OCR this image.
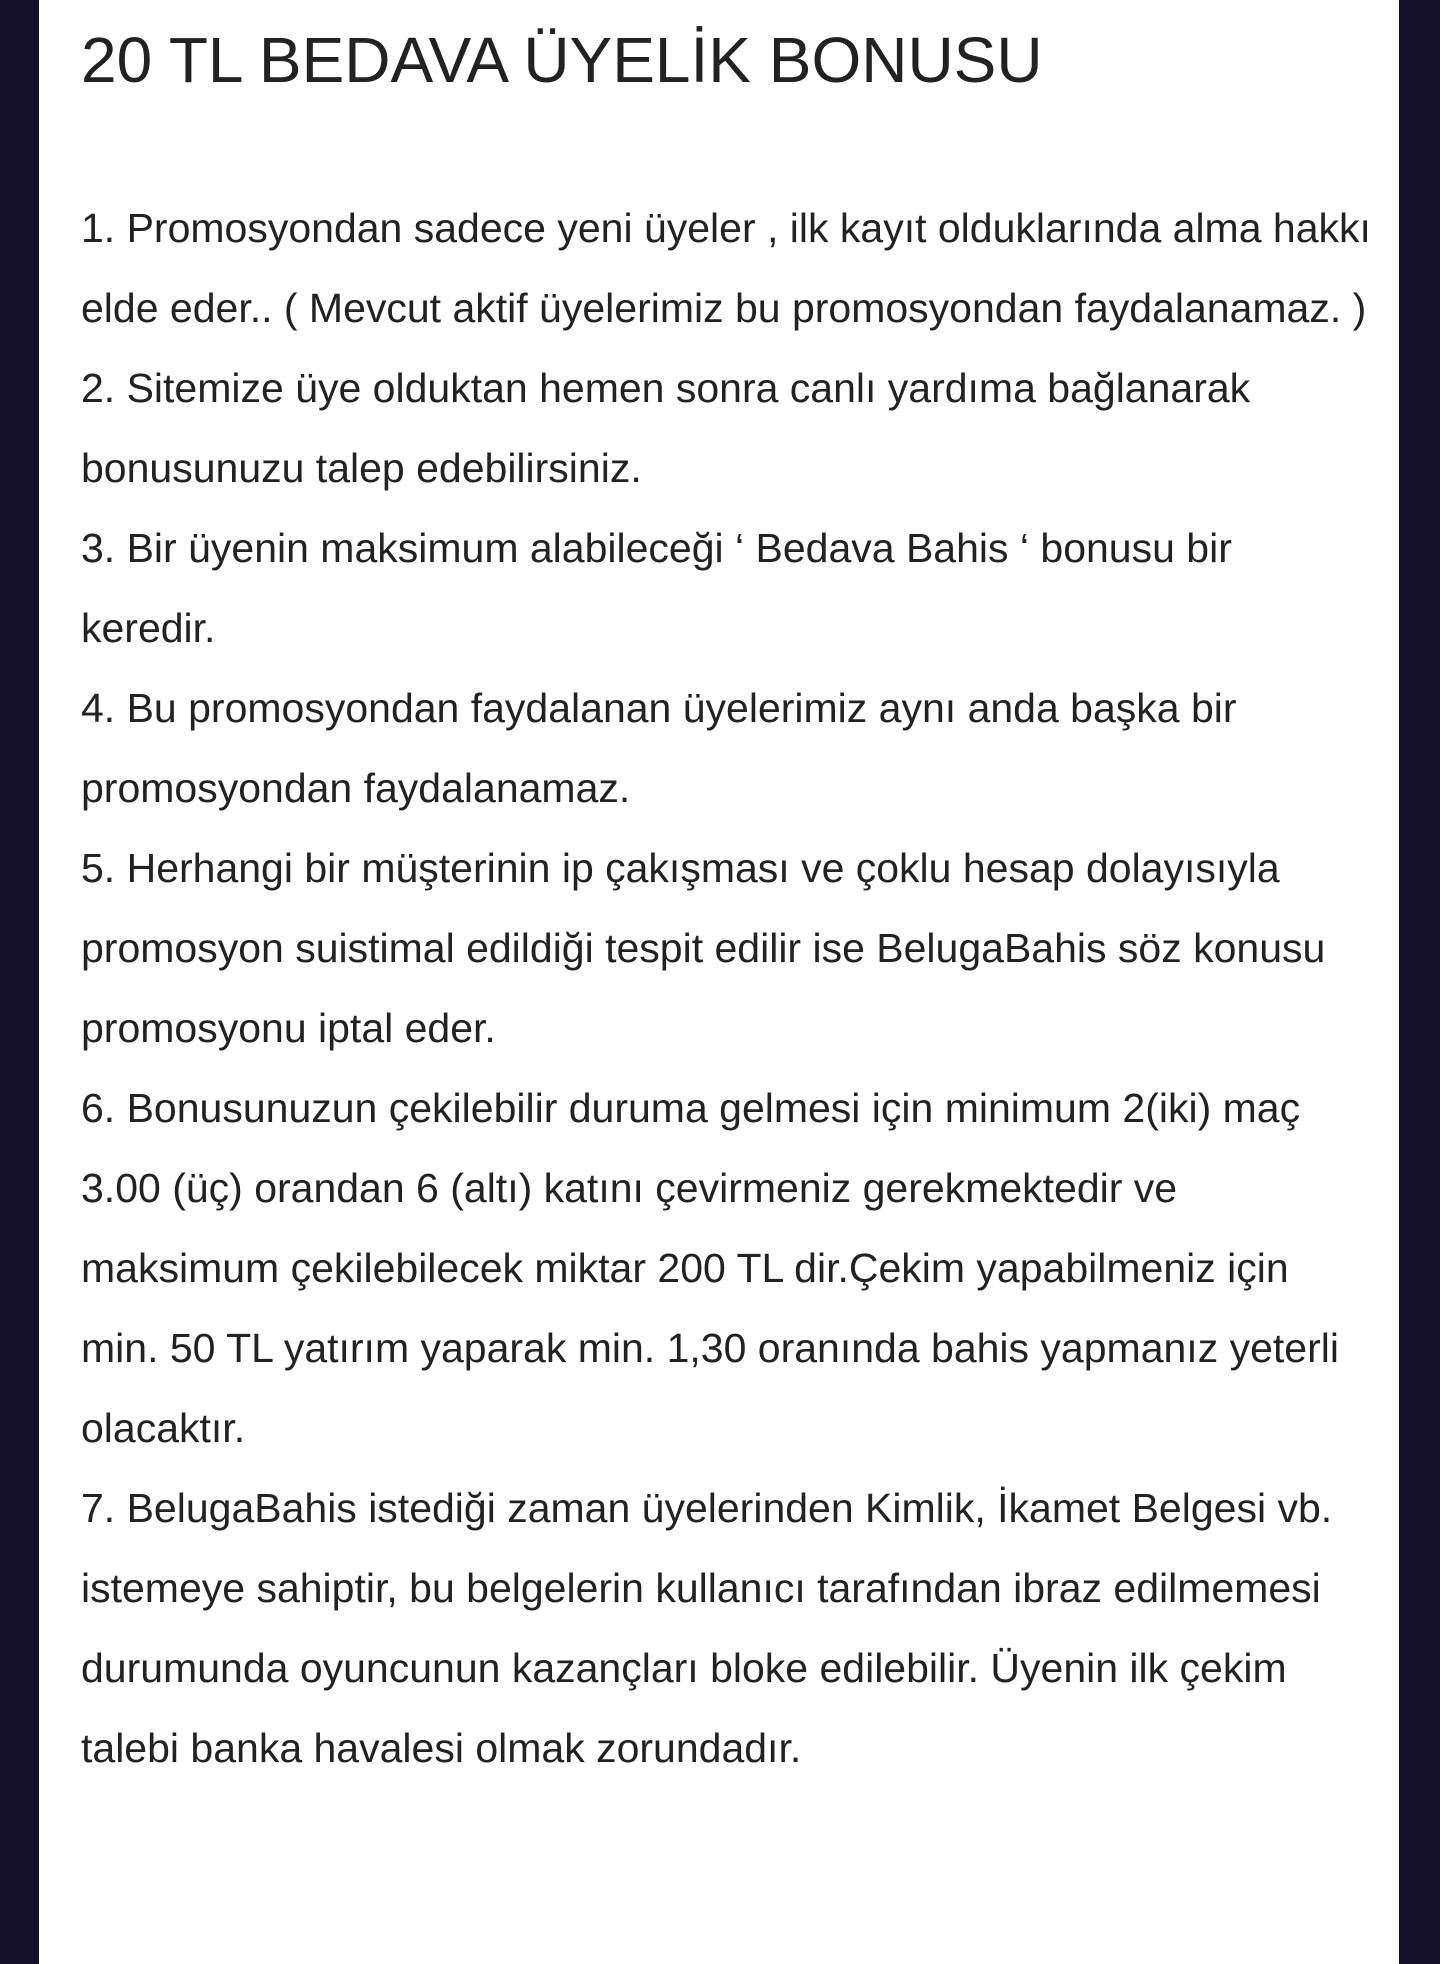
20 TL BEDAVA ÜYELİK BONUSU
1. Promosyondan sadece yeni üyeler , ilk kayıt olduklarında alma hakkı elde eder.. ( Mevcut aktif üyelerimiz bu promosyondan faydalanamaz. )
2. Sitemize üye olduktan hemen sonra canlı yardıma bağlanarak bonusunuzu talep edebilirsiniz.
3. Bir üyenin maksimum alabileceği ‘ Bedava Bahis ‘ bonusu bir keredir.
4. Bu promosyondan faydalanan üyelerimiz aynı anda başka bir promosyondan faydalanamaz.
5. Herhangi bir müşterinin ip çakışması ve çoklu hesap dolayısıyla promosyon suistimal edildiği tespit edilir ise BelugaBahis söz konusu promosyonu iptal eder.
6. Bonusunuzun çekilebilir duruma gelmesi için minimum 2(iki) maç 3.00 (üç) orandan 6 (altı) katını çevirmeniz gerekmektedir ve maksimum çekilebilecek miktar 200 TL dir.Çekim yapabilmeniz için min. 50 TL yatırım yaparak min. 1,30 oranında bahis yapmanız yeterli olacaktır.
7. BelugaBahis istediği zaman üyelerinden Kimlik, İkamet Belgesi vb. istemeye sahiptir, bu belgelerin kullanıcı tarafından ibraz edilmemesi durumunda oyuncunun kazançları bloke edilebilir. Üyenin ilk çekim talebi banka havalesi olmak zorundadır.
